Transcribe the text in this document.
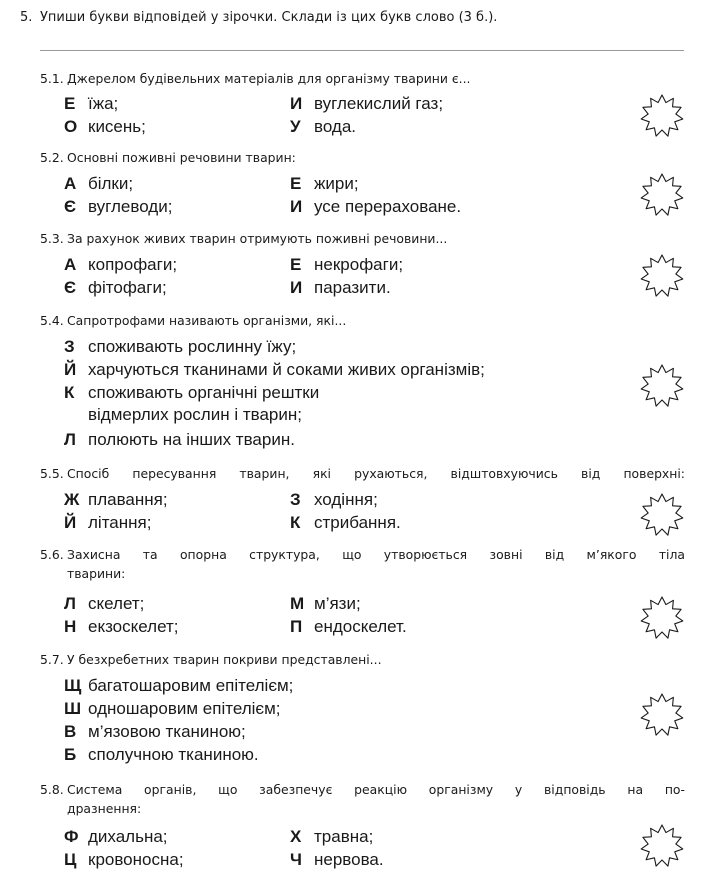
5. Упиши букви відповідей у зірочки. Склади із цих букв слово (3 б.).
5.1. Джерелом будівельних матеріалів для організму тварини є...
Е їжа;	И вуглекислий газ;
О кисень;	У вода.
5.2. Основні поживні речовини тварин:
А білки;	Е жири;
Є вуглеводи;	И усе перераховане.
5.3. За рахунок живих тварин отримують поживні речовини...
А копрофаги;	Е некрофаги;
Є фітофаги;	И паразити.
5.4. Сапротрофами називають організми, які...
З споживають рослинну їжу;
Й харчуються тканинами й соками живих організмів;
К споживають органічні рештки
відмерлих рослин і тварин;
Л полюють на інших тварин.
5.5. Спосіб пересування тварин, які рухаються, відштовхуючись від поверхні:
Ж плавання;	З ходіння;
Й літання;	К стрибання.
5.6. Захисна та опорна структура, що утворюється зовні від м’якого тіла
тварини:
Л скелет;	М м’язи;
Н екзоскелет;	П ендоскелет.
5.7. У безхребетних тварин покриви представлені...
Щ багатошаровим епітелієм;
Ш одношаровим епітелієм;
В м’язовою тканиною;
Б сполучною тканиною.
5.8. Система органів, що забезпечує реакцію організму у відповідь на по-
дразнення:
Ф дихальна;	Х травна;
Ц кровоносна;	Ч нервова.
